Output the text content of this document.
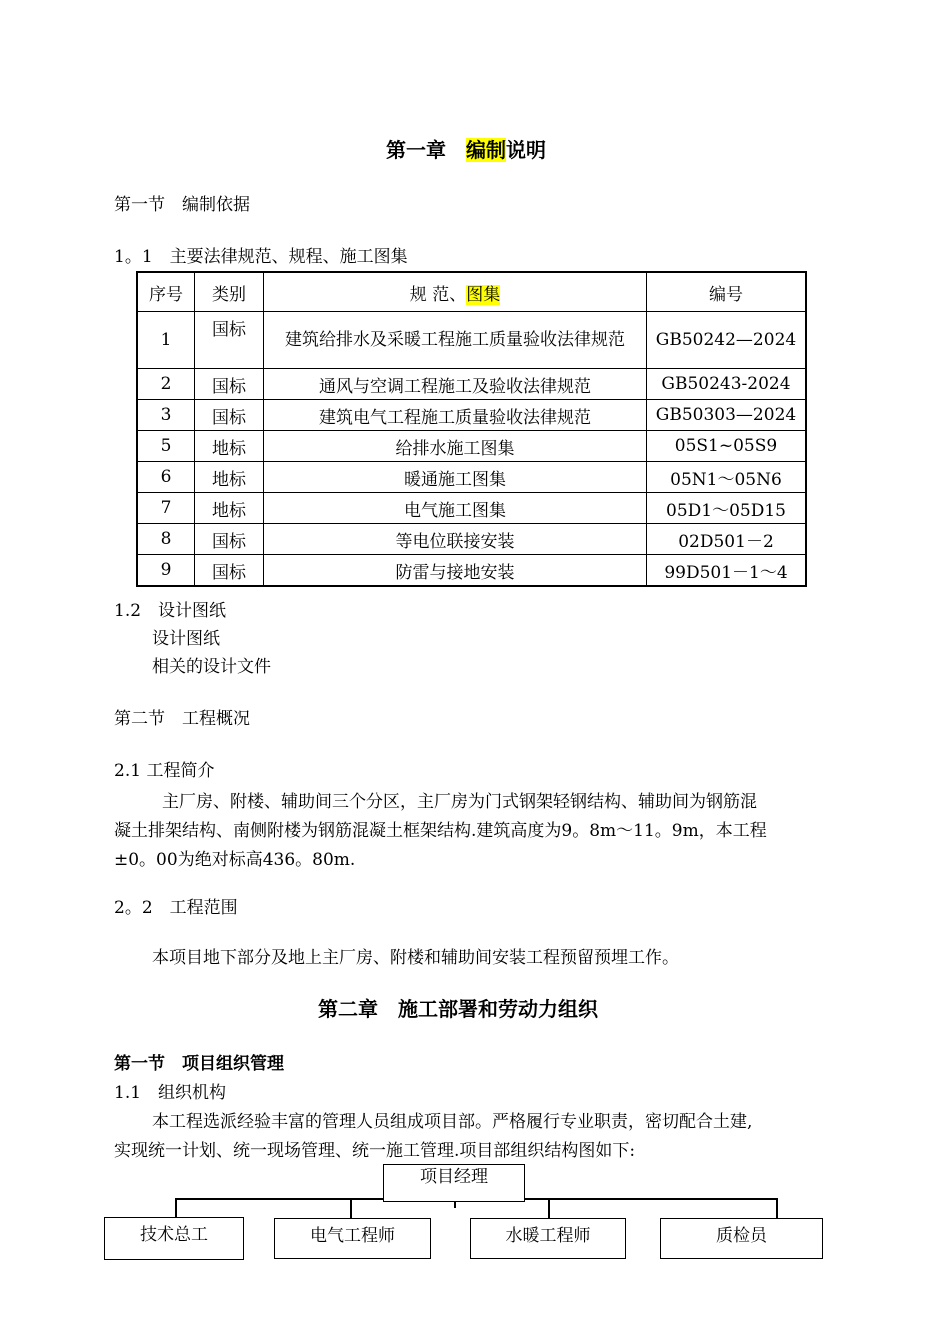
第一章　 编制说明
第一节　编制依据
1。1　主要法律规范、规程、施工图集
序号	类别	规 范、图集	编号
1	国标	建筑给排水及采暖工程施工质量验收法律规范	GB50242—2024
2	国标	通风与空调工程施工及验收法律规范	GB50243-2024
3	国标	建筑电气工程施工质量验收法律规范	GB50303—2024
5	地标	给排水施工图集	05S1~05S9
6	地标	暖通施工图集	05N1～05N6
7	地标	电气施工图集	05D1～05D15
8	国标	等电位联接安装	02D501－2
9	国标	防雷与接地安装	99D501－1～4
1.2　设计图纸
设计图纸
相关的设计文件
第二节　工程概况
2.1 工程简介
主厂房、附楼、辅助间三个分区，主厂房为门式钢架轻钢结构、辅助间为钢筋混
凝土排架结构、南侧附楼为钢筋混凝土框架结构.建筑高度为9。8m～11。9m，本工程
±0。00为绝对标高436。80m.
2。2　工程范围
本项目地下部分及地上主厂房、附楼和辅助间安装工程预留预埋工作。
第二章　施工部署和劳动力组织
第一节　项目组织管理
1.1　组织机构
本工程选派经验丰富的管理人员组成项目部。严格履行专业职责，密切配合土建,
实现统一计划、统一现场管理、统一施工管理.项目部组织结构图如下:
项目经理
技术总工	电气工程师	水暖工程师	质检员
